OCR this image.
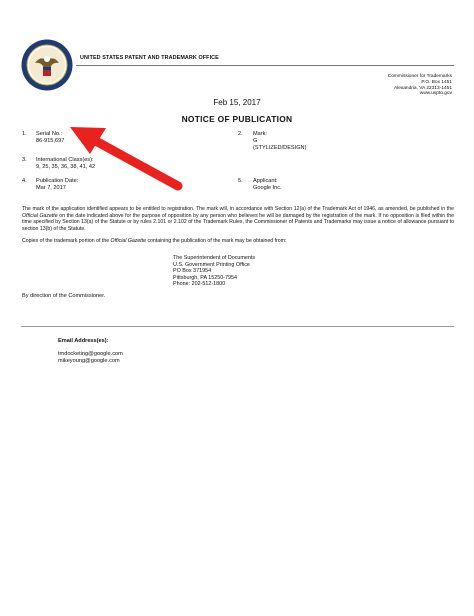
UNITED STATES PATENT AND TRADEMARK OFFICE
Commissioner for Trademarks
P.O. Box 1451
Alexandria, VA 22313-1451
www.uspto.gov
Feb 15, 2017
NOTICE OF PUBLICATION
1. Serial No.:
86-915,697
2. Mark:
G
(STYLIZED/DESIGN)
3. International Class(es):
9, 25, 35, 36, 38, 41, 42
4. Publication Date:
Mar 7, 2017
5. Applicant:
Google Inc.
The mark of the application identified appears to be entitled to registration. The mark will, in accordance with Section 12(a) of the Trademark Act of 1946, as amended, be published in the Official Gazette on the date indicated above for the purpose of opposition by any person who believes he will be damaged by the registration of the mark. If no opposition is filed within the time specified by Section 13(a) of the Statute or by rules 2.101 or 2.102 of the Trademark Rules, the Commissioner of Patents and Trademarks may issue a notice of allowance pursuant to section 13(b) of the Statute.
Copies of the trademark portion of the Official Gazette containing the publication of the mark may be obtained from:
The Superintendent of Documents
U.S. Government Printing Office
PO Box 371954
Pittsburgh, PA 15250-7954
Phone: 202-512-1800
By direction of the Commissioner.
Email Address(es):
tmdocketing@google.com
mikeyoung@google.com
